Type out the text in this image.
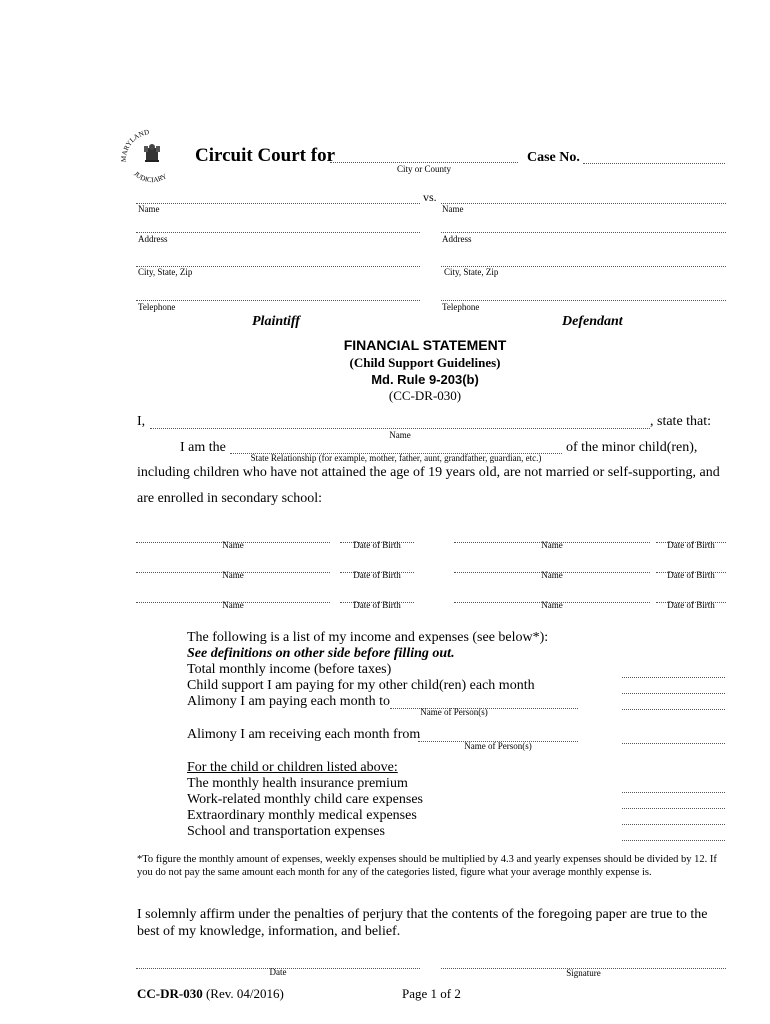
MARYLAND
JUDICIARY
Circuit Court for
City or County
Case No.
vs.
Name	Name
Address	Address
City, State, Zip	City, State, Zip
Telephone	Telephone
Plaintiff	Defendant
FINANCIAL STATEMENT
(Child Support Guidelines)
Md. Rule 9-203(b)
(CC-DR-030)
I,	, state that:
Name
I am the
State Relationship (for example, mother, father, aunt, grandfather, guardian, etc.)
of the minor child(ren),
including children who have not attained the age of 19 years old, are not married or self-supporting, and
are enrolled in secondary school:
Name	Date of Birth	Name	Date of Birth
Name	Date of Birth	Name	Date of Birth
Name	Date of Birth	Name	Date of Birth
The following is a list of my income and expenses (see below*):
See definitions on other side before filling out.
Total monthly income (before taxes)
Child support I am paying for my other child(ren) each month
Alimony I am paying each month to
Name of Person(s)
Alimony I am receiving each month from
Name of Person(s)
For the child or children listed above:
The monthly health insurance premium
Work-related monthly child care expenses
Extraordinary monthly medical expenses
School and transportation expenses
*To figure the monthly amount of expenses, weekly expenses should be multiplied by 4.3 and yearly expenses should be divided by 12. If you do not pay the same amount each month for any of the categories listed, figure what your average monthly expense is.
I solemnly affirm under the penalties of perjury that the contents of the foregoing paper are true to the best of my knowledge, information, and belief.
Date	Signature
CC-DR-030 (Rev. 04/2016)	Page 1 of 2
